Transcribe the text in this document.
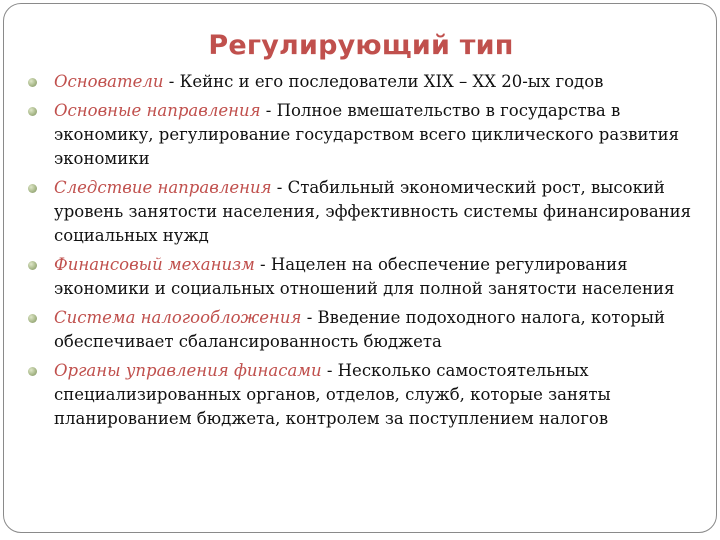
Регулирующий тип
Основатели - Кейнс и его последователи XIX – XX 20-ых годов
Основные направления - Полное вмешательство в государства в экономику, регулирование государством всего циклического развития экономики
Следствие направления - Стабильный экономический рост, высокий уровень занятости населения, эффективность системы финансирования социальных нужд
Финансовый механизм - Нацелен на обеспечение регулирования экономики и социальных отношений для полной занятости населения
Система налогообложения - Введение подоходного налога, который обеспечивает сбалансированность бюджета
Органы управления финасами - Несколько самостоятельных специализированных органов, отделов, служб, которые заняты планированием бюджета, контролем за поступлением налогов
